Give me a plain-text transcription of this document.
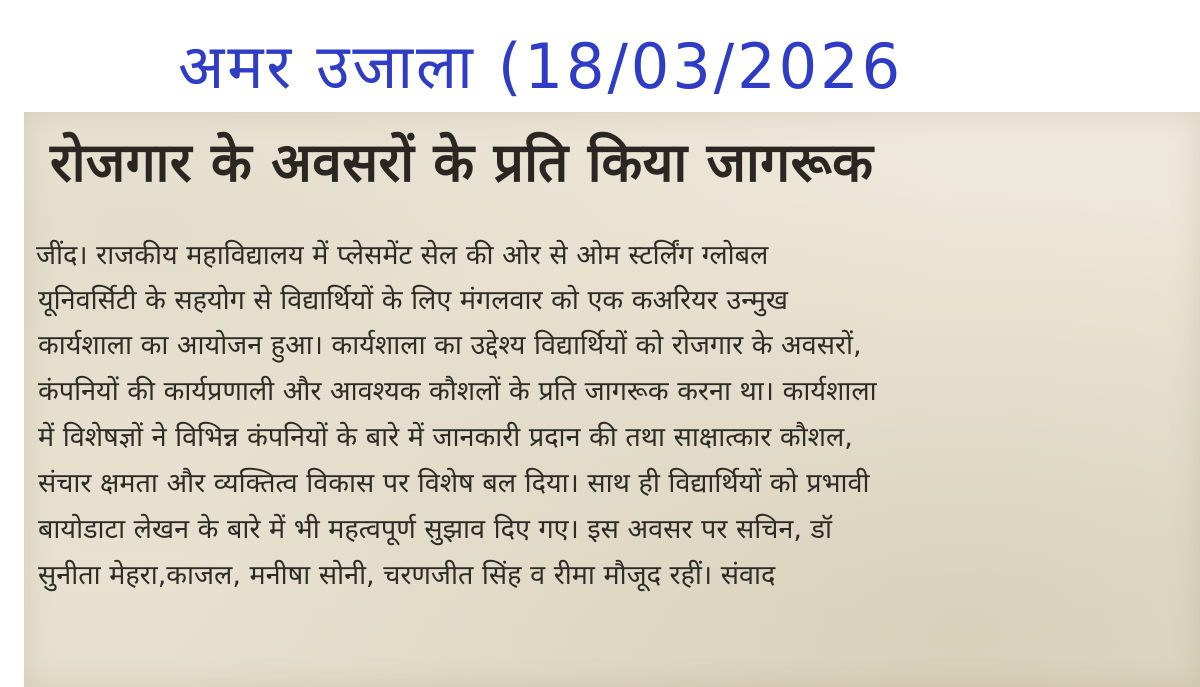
अमर उजाला (18/03/2026
रोजगार के अवसरों के प्रति किया जागरूक
जींद। राजकीय महाविद्यालय में प्लेसमेंट सेल की ओर से ओम स्टर्लिंग ग्लोबल
यूनिवर्सिटी के सहयोग से विद्यार्थियों के लिए मंगलवार को एक कअरियर उन्मुख
कार्यशाला का आयोजन हुआ। कार्यशाला का उद्देश्य विद्यार्थियों को रोजगार के अवसरों,
कंपनियों की कार्यप्रणाली और आवश्यक कौशलों के प्रति जागरूक करना था। कार्यशाला
में विशेषज्ञों ने विभिन्न कंपनियों के बारे में जानकारी प्रदान की तथा साक्षात्कार कौशल,
संचार क्षमता और व्यक्तित्व विकास पर विशेष बल दिया। साथ ही विद्यार्थियों को प्रभावी
बायोडाटा लेखन के बारे में भी महत्वपूर्ण सुझाव दिए गए। इस अवसर पर सचिन, डॉ
सुनीता मेहरा,काजल, मनीषा सोनी, चरणजीत सिंह व रीमा मौजूद रहीं। संवाद
